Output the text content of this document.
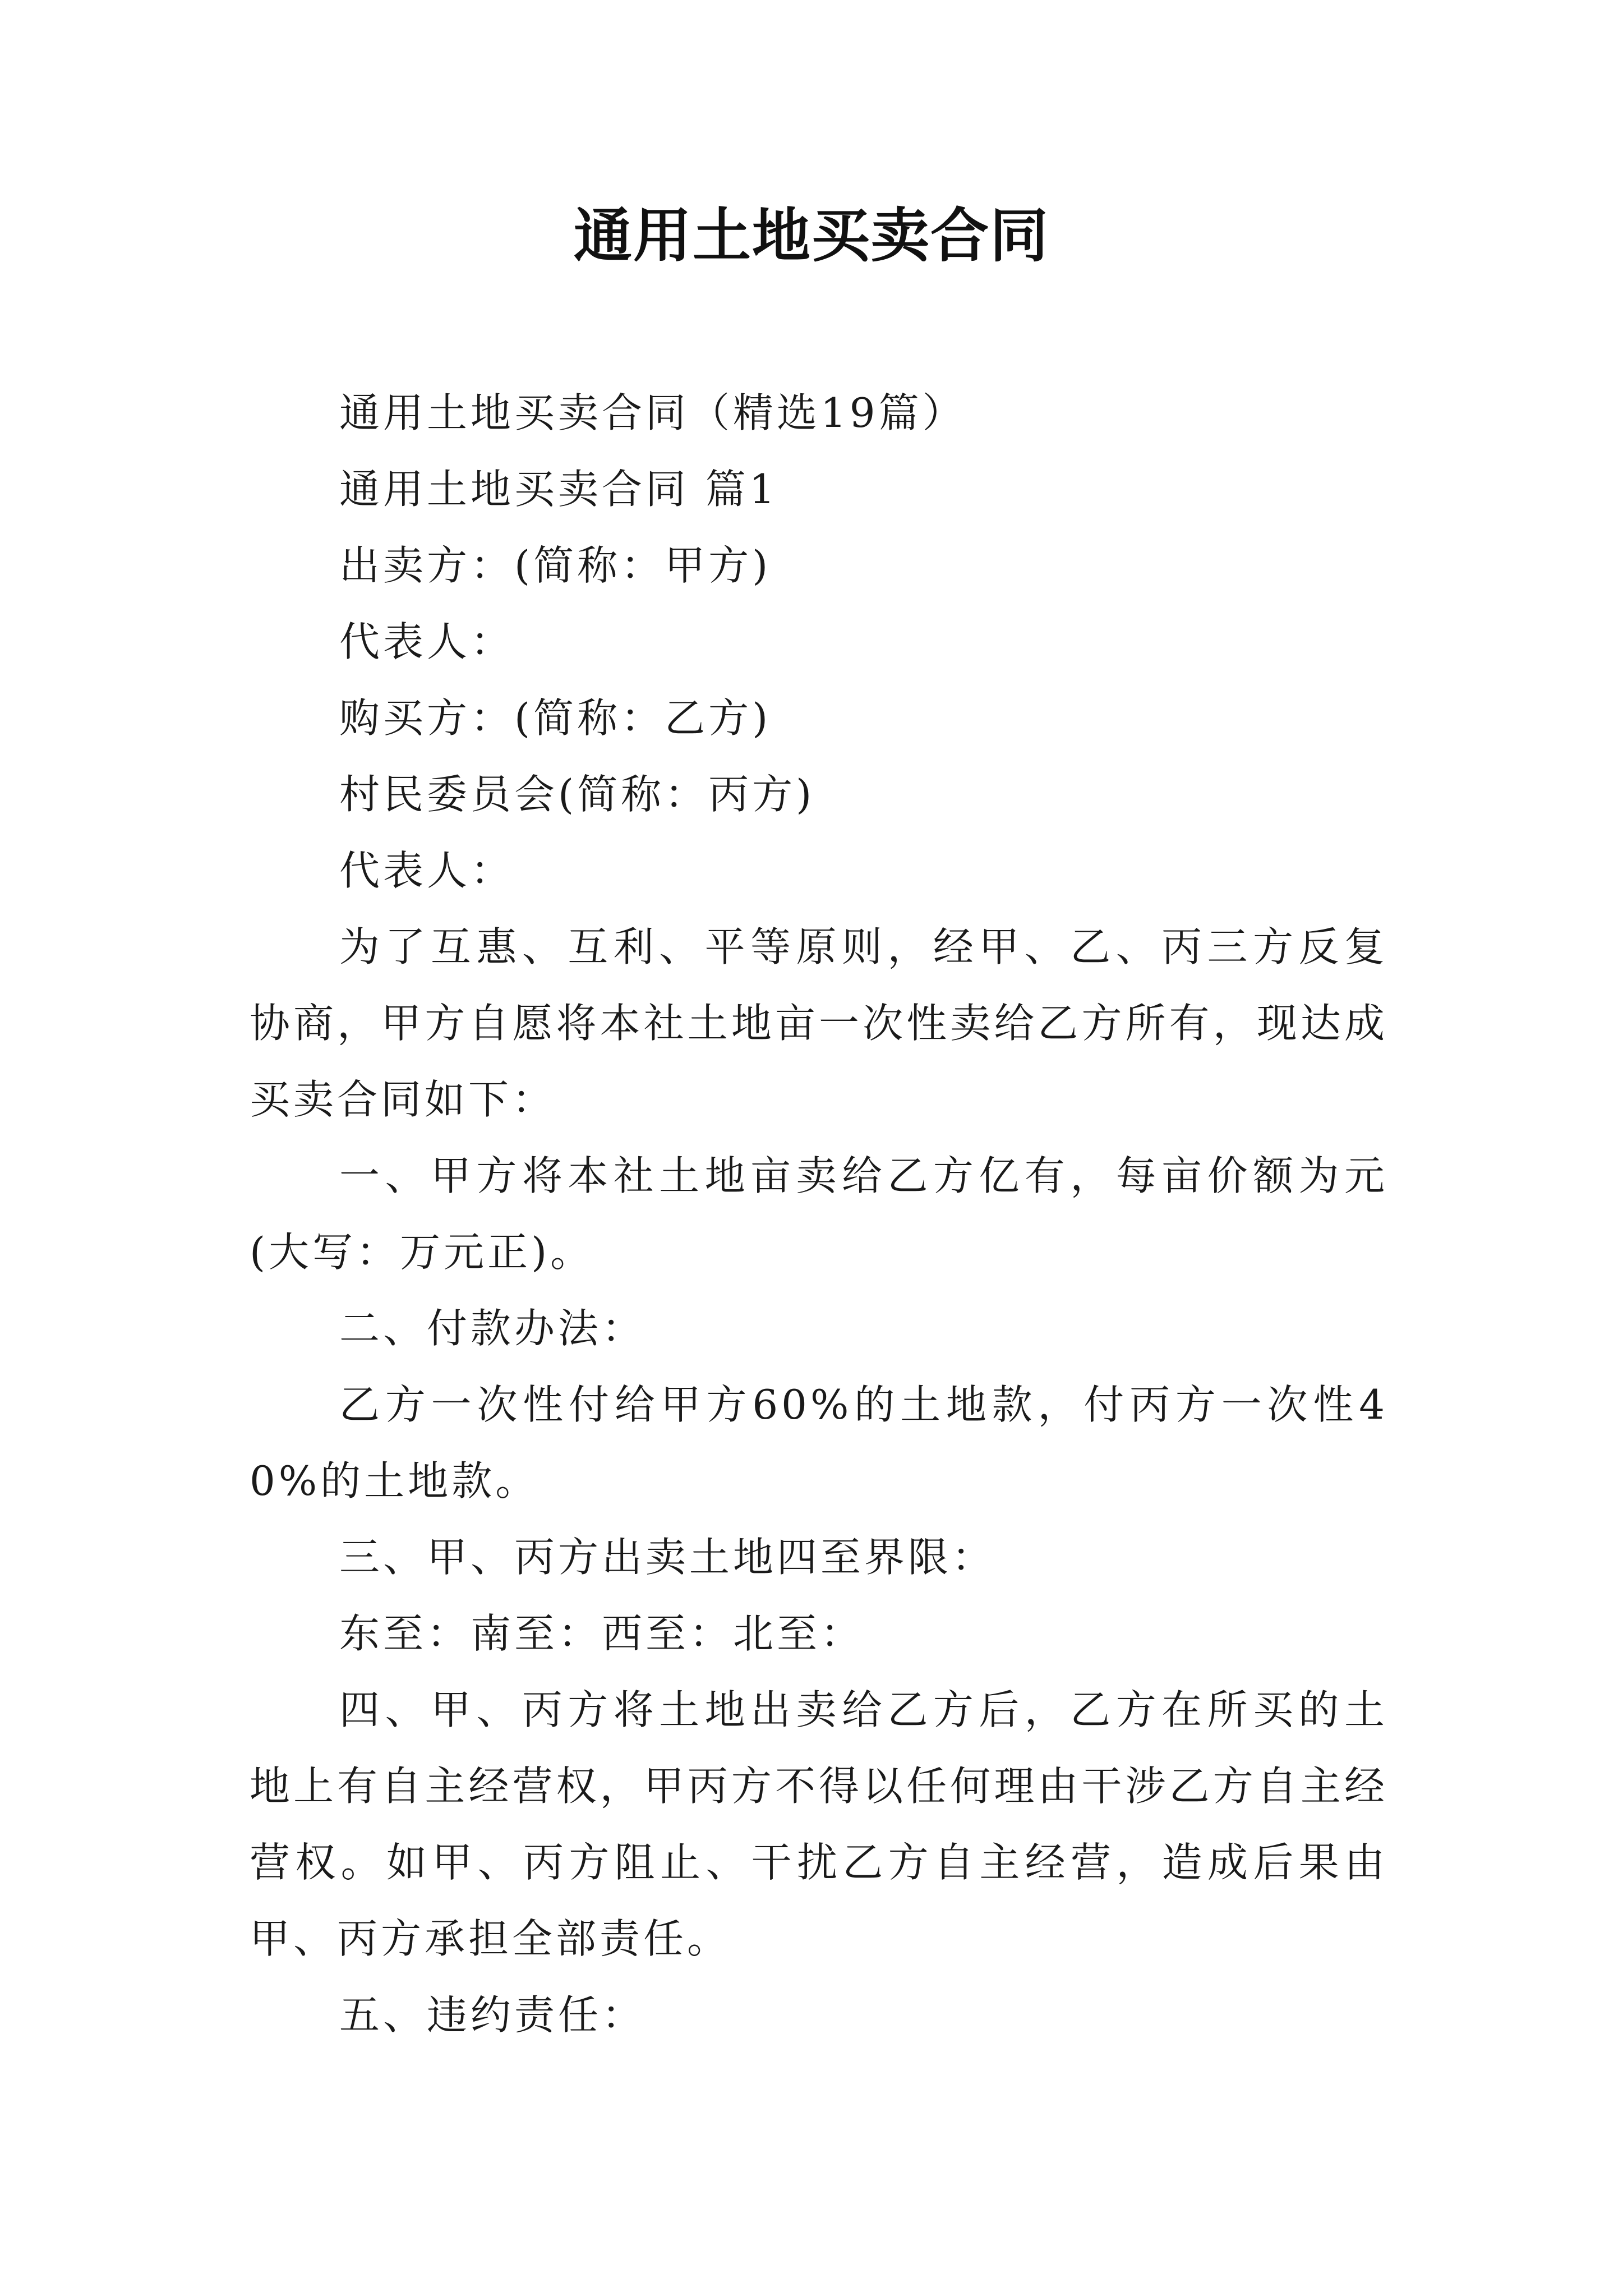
通用土地买卖合同

通用土地买卖合同（精选19篇）

通用土地买卖合同 篇1

出卖方：(简称：甲方)

代表人：

购买方：(简称：乙方)

村民委员会(简称：丙方)

代表人：

为了互惠、互利、平等原则，经甲、乙、丙三方反复协商，甲方自愿将本社土地亩一次性卖给乙方所有，现达成买卖合同如下：

一、甲方将本社土地亩卖给乙方亿有，每亩价额为元(大写：万元正)。

二、付款办法：

乙方一次性付给甲方60%的土地款，付丙方一次性40%的土地款。

三、甲、丙方出卖土地四至界限：

东至：南至：西至：北至：

四、甲、丙方将土地出卖给乙方后，乙方在所买的土地上有自主经营权，甲丙方不得以任何理由干涉乙方自主经营权。如甲、丙方阻止、干扰乙方自主经营，造成后果由甲、丙方承担全部责任。

五、违约责任：
